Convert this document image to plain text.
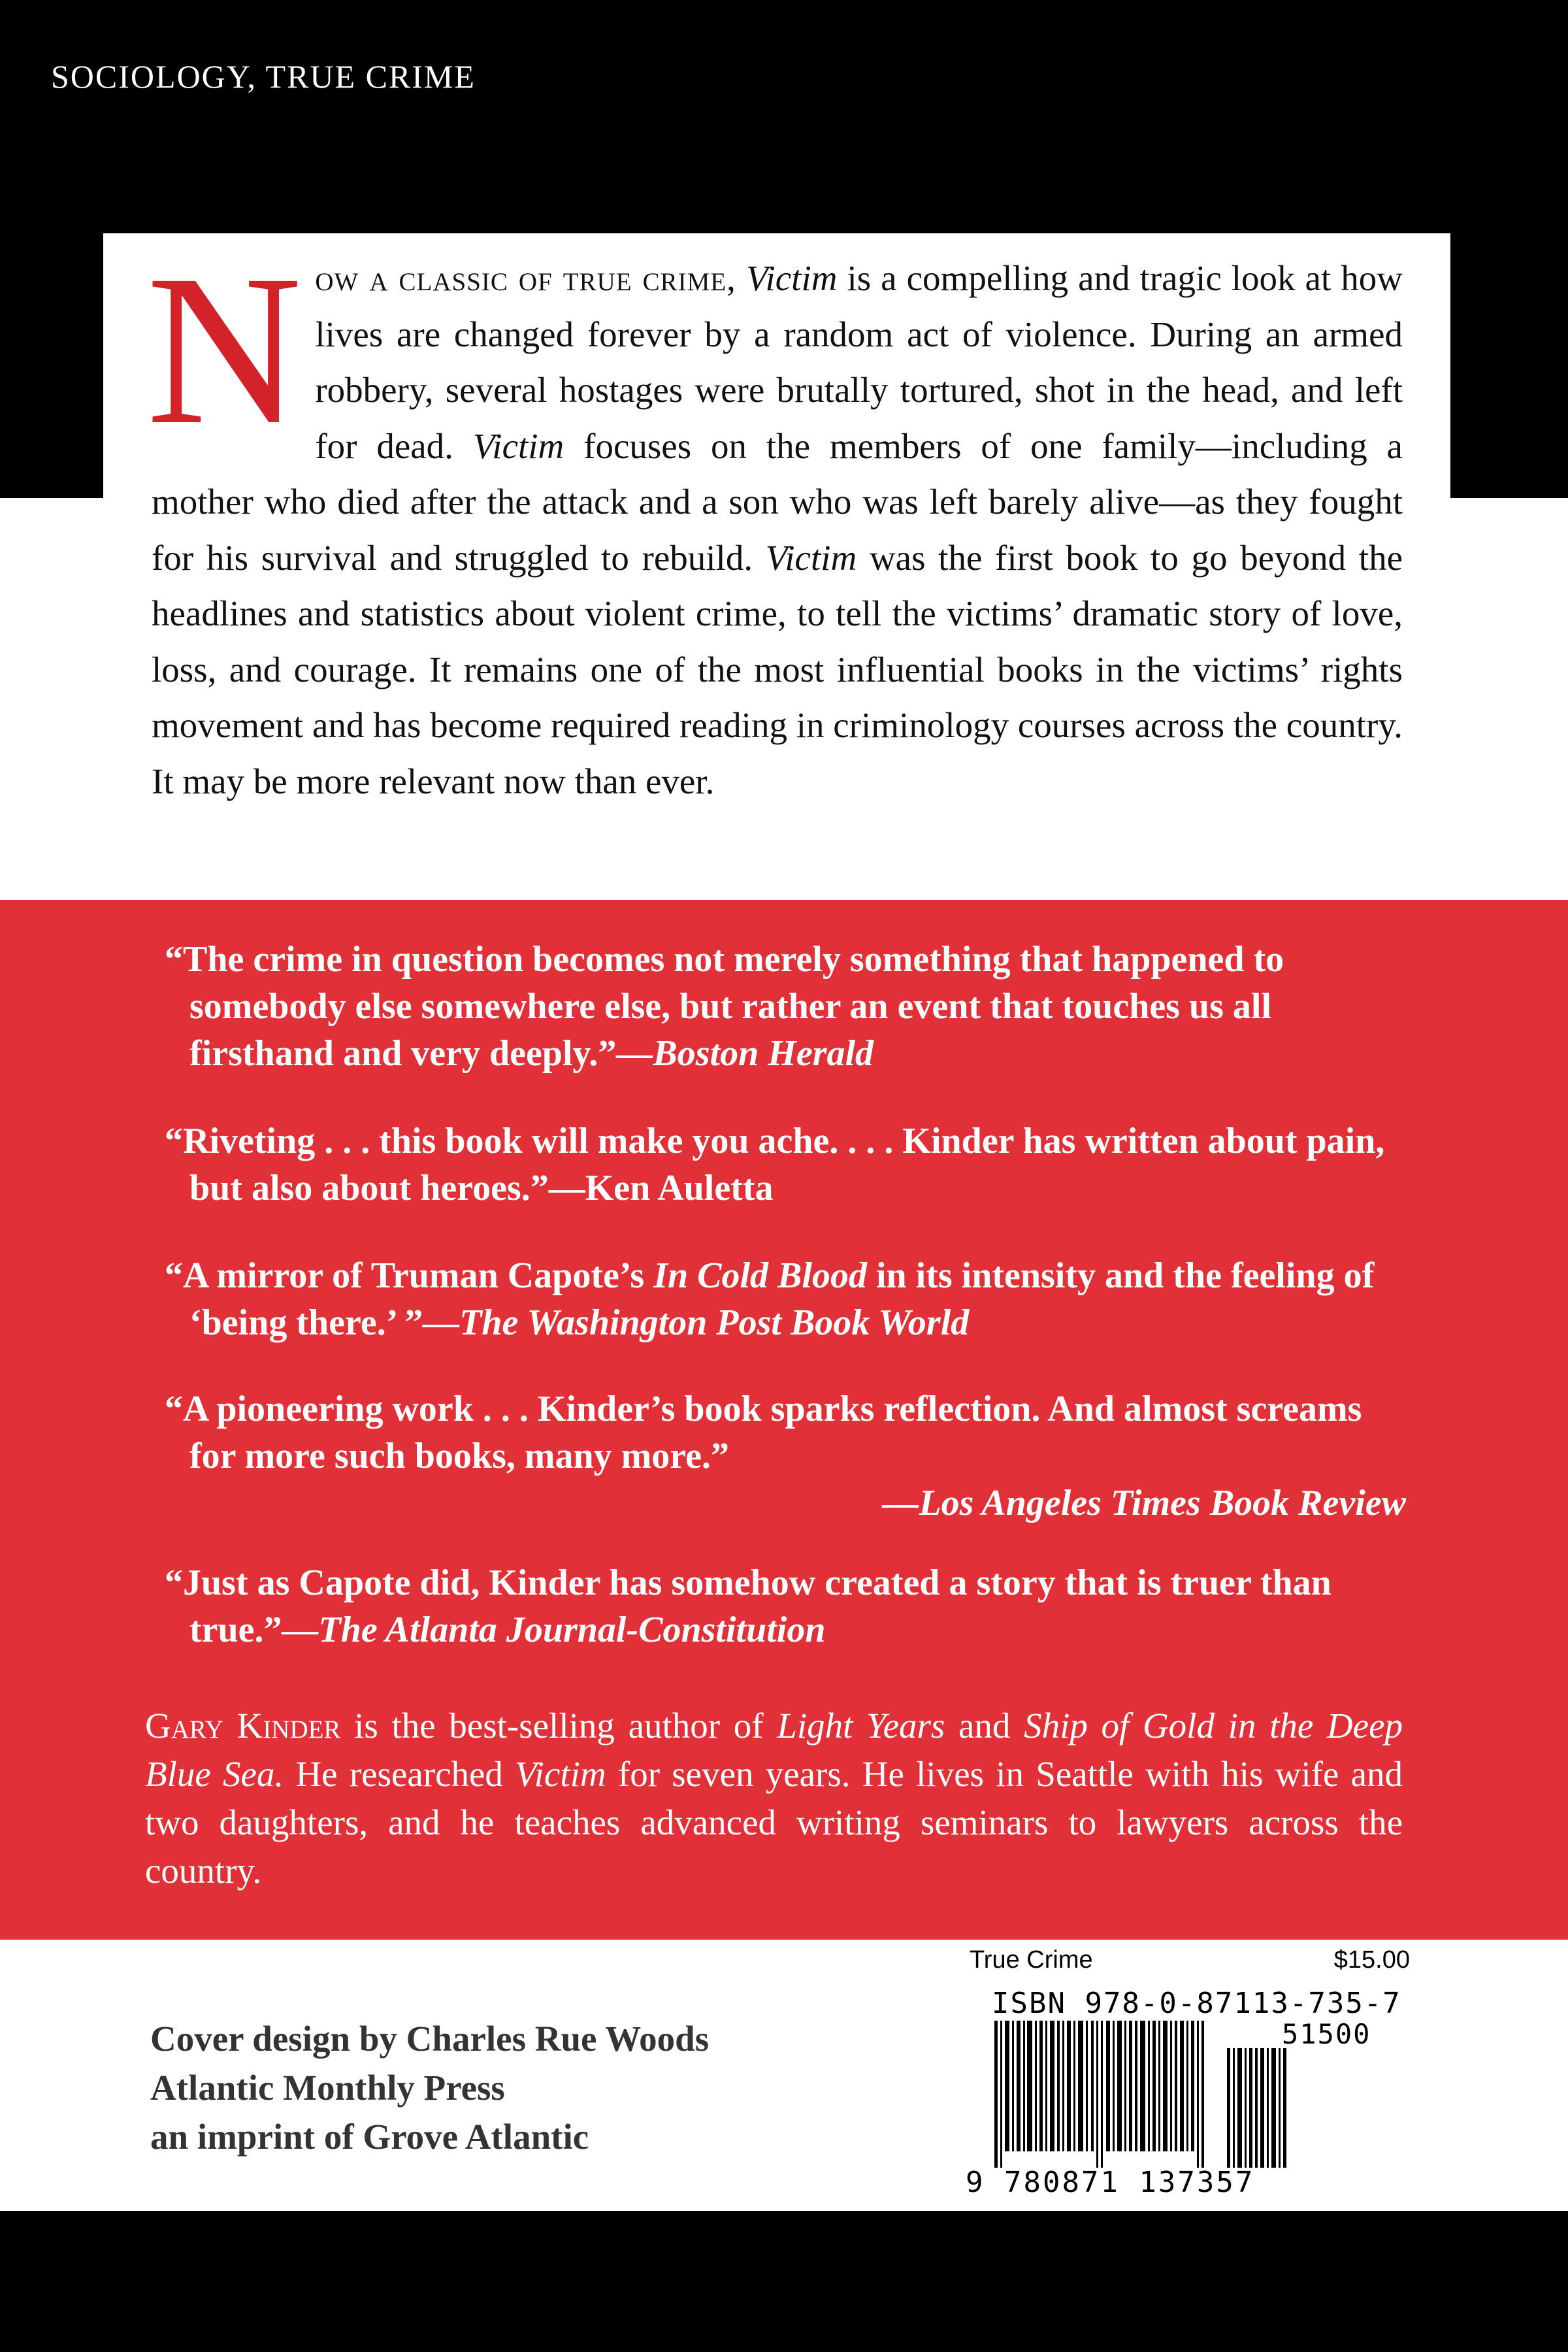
SOCIOLOGY, TRUE CRIME
Now a classic of true crime, Victim is a compelling and tragic look at how lives are changed forever by a random act of violence. During an armed robbery, several hostages were brutally tortured, shot in the head, and left for dead. Victim focuses on the members of one family—including a mother who died after the attack and a son who was left barely alive—as they fought for his survival and struggled to rebuild. Victim was the first book to go beyond the headlines and statistics about violent crime, to tell the victims’ dramatic story of love, loss, and courage. It remains one of the most influential books in the victims’ rights movement and has become required reading in criminology courses across the country. It may be more relevant now than ever.
“The crime in question becomes not merely something that happened to somebody else somewhere else, but rather an event that touches us all firsthand and very deeply.”—Boston Herald
“Riveting . . . this book will make you ache. . . . Kinder has written about pain, but also about heroes.”—Ken Auletta
“A mirror of Truman Capote’s In Cold Blood in its intensity and the feeling of ‘being there.’ ”—The Washington Post Book World
“A pioneering work . . . Kinder’s book sparks reflection. And almost screams for more such books, many more.”
—Los Angeles Times Book Review
“Just as Capote did, Kinder has somehow created a story that is truer than true.”—The Atlanta Journal-Constitution
Gary Kinder is the best-selling author of Light Years and Ship of Gold in the Deep Blue Sea. He researched Victim for seven years. He lives in Seattle with his wife and two daughters, and he teaches advanced writing seminars to lawyers across the country.
Cover design by Charles Rue Woods
Atlantic Monthly Press
an imprint of Grove Atlantic
True Crime	$15.00
ISBN 978-0-87113-735-7
51500
9 780871 137357
